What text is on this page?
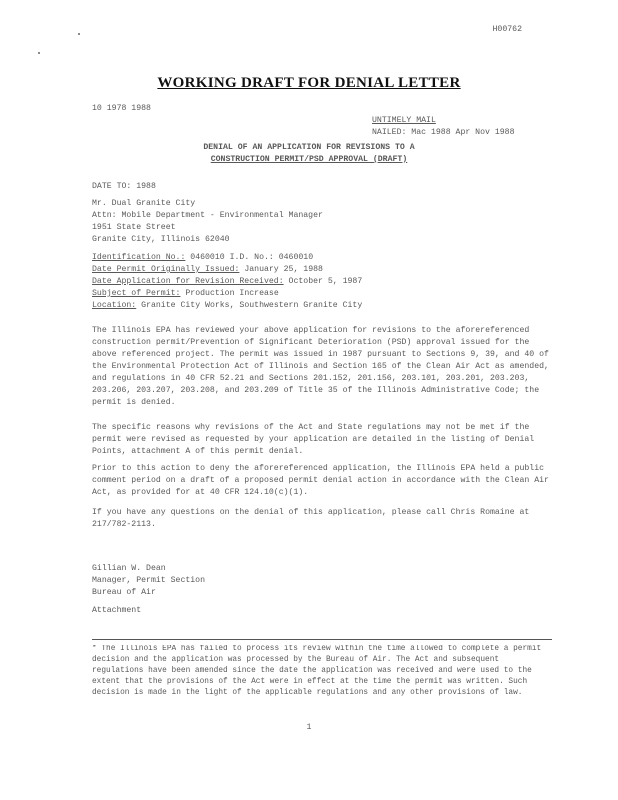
H00762
WORKING DRAFT FOR DENIAL LETTER
10 1978 1988
UNTIMELY MAIL
NAILED: Mac 1988 Apr Nov 1988
DENIAL OF AN APPLICATION FOR REVISIONS TO A
CONSTRUCTION PERMIT/PSD APPROVAL (DRAFT)
DATE TO: 1988
Mr. Dual Granite City
Attn: Mobile Department - Environmental Manager
1951 State Street
Granite City, Illinois 62040
Identification No.: 0460010 I.D. No.: 0460010
Date Permit Originally Issued: January 25, 1988
Date Application for Revision Received: October 5, 1987
Subject of Permit: Production Increase
Location: Granite City Works, Southwestern Granite City

The Illinois EPA has reviewed your above application for revisions to the aforereferenced construction permit/Prevention of Significant Deterioration (PSD) approval issued for the above referenced project. The permit was issued in 1987 pursuant to Sections 9, 39, and 40 of the Environmental Protection Act of Illinois and Section 165 of the Clean Air Act as amended, and regulations in 40 CFR 52.21 and Sections 201.152, 201.156, 203.101, 203.201, 203.203, 203.206, 203.207, 203.208, and 203.209 of Title 35 of the Illinois Administrative Code; the permit is denied.

The specific reasons why revisions of the Act and State regulations may not be met if the permit were revised as requested by your application are detailed in the listing of Denial Points, attachment A of this permit denial.

Prior to this action to deny the aforereferenced application, the Illinois EPA held a public comment period on a draft of a proposed permit denial action in accordance with the Clean Air Act, as provided for at 40 CFR 124.10(c)(1).

If you have any questions on the denial of this application, please call Chris Romaine at 217/782-2113.

Gillian W. Dean
Manager, Permit Section
Bureau of Air
Attachment
* The Illinois EPA has failed to process its review within the time allowed to complete a permit decision and the application was processed by the Bureau of Air. The Act and subsequent regulations have been amended since the date the application was received and were used to the extent that the provisions of the Act were in effect at the time the permit was written. Such decision is made in the light of the applicable regulations and any other provisions of law.
1
